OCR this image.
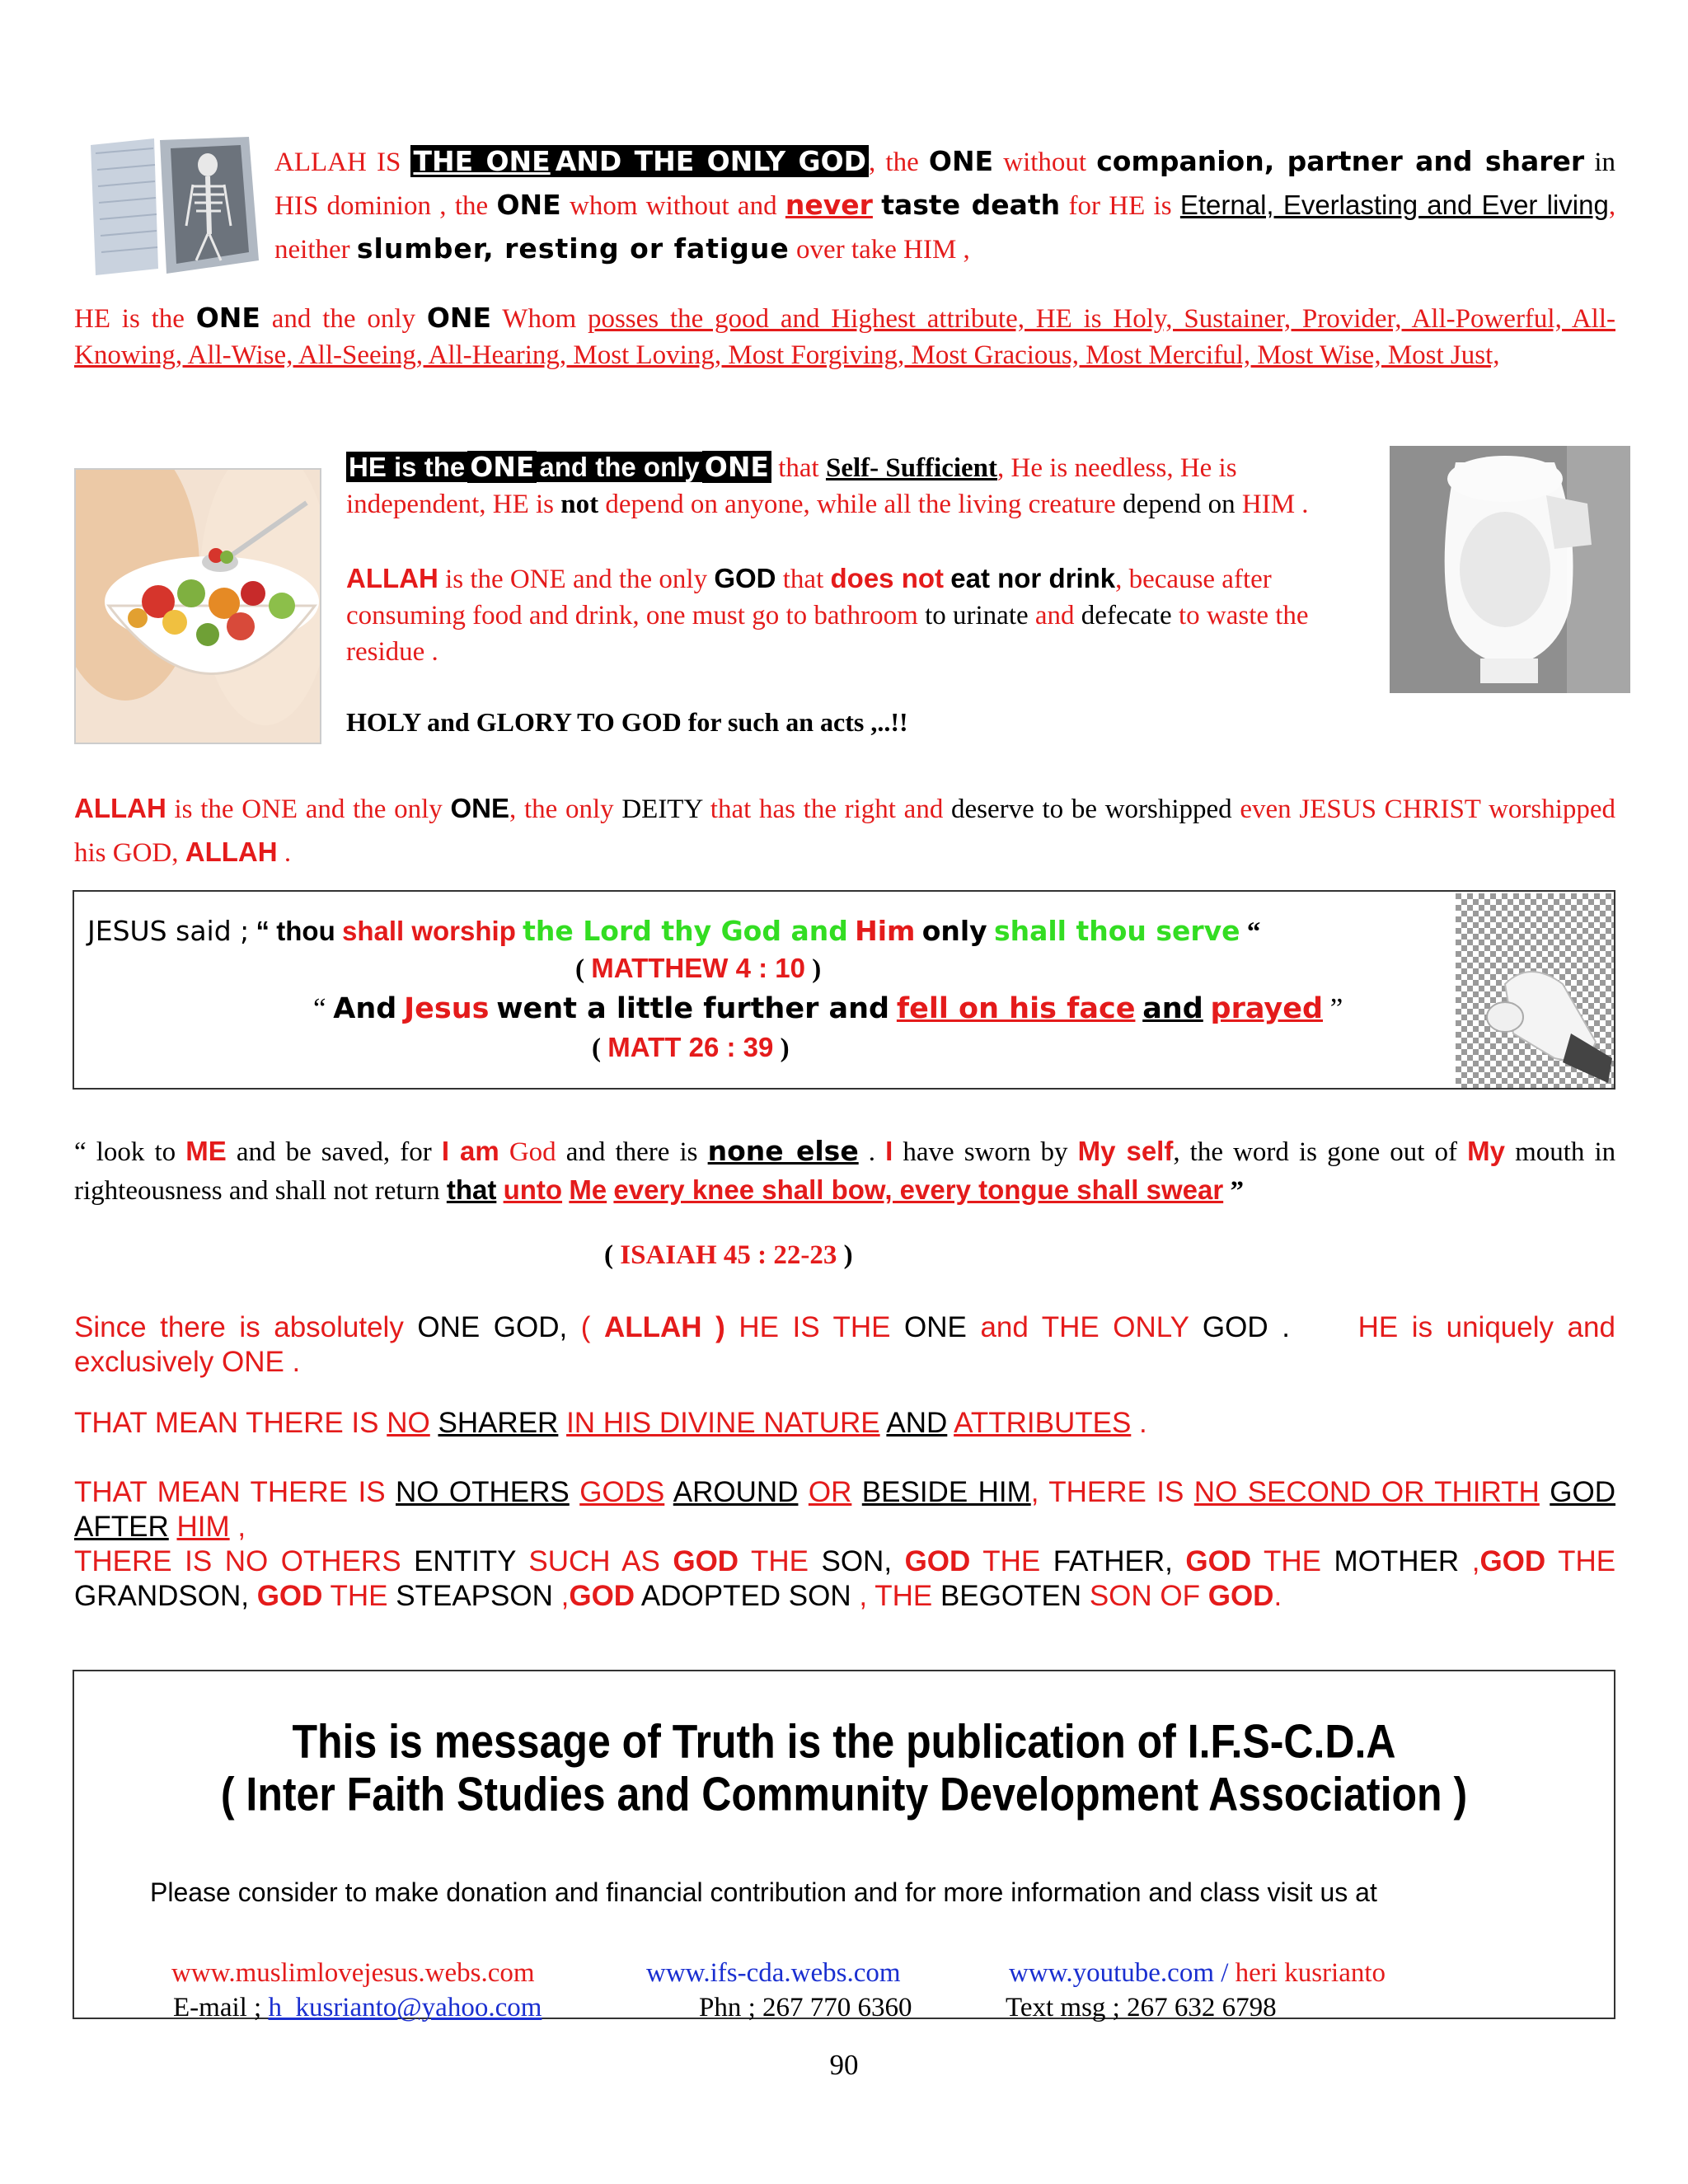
ALLAH IS THE ONE AND THE ONLY GOD, the ONE without companion, partner and sharer in HIS dominion , the ONE whom without and never taste death for HE is Eternal, Everlasting and Ever living, neither slumber, resting or fatigue over take HIM ,
HE is the ONE and the only ONE Whom posses the good and Highest attribute, HE is Holy, Sustainer, Provider, All-Powerful, All-Knowing, All-Wise, All-Seeing, All-Hearing, Most Loving, Most Forgiving, Most Gracious, Most Merciful, Most Wise, Most Just,
HE is the ONE and the only ONE that Self- Sufficient, He is needless, He is independent, HE is not depend on anyone, while all the living creature depend on HIM .
ALLAH is the ONE and the only GOD that does not eat nor drink, because after consuming food and drink, one must go to bathroom to urinate and defecate to waste the residue .
HOLY and GLORY TO GOD for such an acts ,..!!
ALLAH is the ONE and the only ONE, the only DEITY that has the right and deserve to be worshipped even JESUS CHRIST worshipped his GOD, ALLAH .
JESUS said ; “ thou shall worship the Lord thy God and Him only shall thou serve “
( MATTHEW 4 : 10 )
“ And Jesus went a little further and fell on his face and prayed ”
( MATT 26 : 39 )
“ look to ME and be saved, for I am God and there is none else . I have sworn by My self, the word is gone out of My mouth in righteousness and shall not return that unto Me every knee shall bow, every tongue shall swear ”
( ISAIAH 45 : 22-23 )
Since there is absolutely ONE GOD, ( ALLAH ) HE IS THE ONE and THE ONLY GOD . HE is uniquely and exclusively ONE .
THAT MEAN THERE IS NO SHARER IN HIS DIVINE NATURE AND ATTRIBUTES .
THAT MEAN THERE IS NO OTHERS GODS AROUND OR BESIDE HIM, THERE IS NO SECOND OR THIRTH GOD AFTER HIM ,
THERE IS NO OTHERS ENTITY SUCH AS GOD THE SON, GOD THE FATHER, GOD THE MOTHER ,GOD THE GRANDSON, GOD THE STEAPSON ,GOD ADOPTED SON , THE BEGOTEN SON OF GOD.
This is message of Truth is the publication of I.F.S-C.D.A
( Inter Faith Studies and Community Development Association )
Please consider to make donation and financial contribution and for more information and class visit us at
www.muslimlovejesus.webs.com	www.ifs-cda.webs.com	www.youtube.com / heri kusrianto
E-mail ; h_kusrianto@yahoo.com	Phn ; 267 770 6360	Text msg ; 267 632 6798
90
